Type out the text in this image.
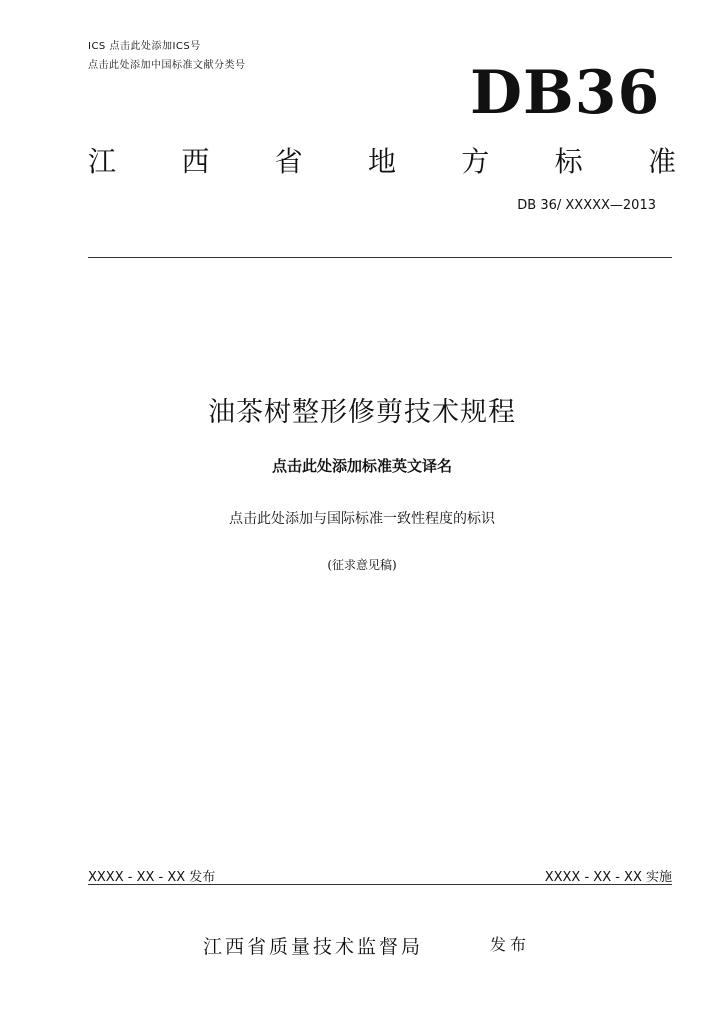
ICS 点击此处添加ICS号
点击此处添加中国标准文献分类号	DB36
江 西 省 地 方 标 准
DB 36/ XXXXX—2013
油茶树整形修剪技术规程
点击此处添加标准英文译名
点击此处添加与国际标准一致性程度的标识
(征求意见稿)
XXXX - XX - XX 发布	XXXX - XX - XX 实施
江西省质量技术监督局	发布
